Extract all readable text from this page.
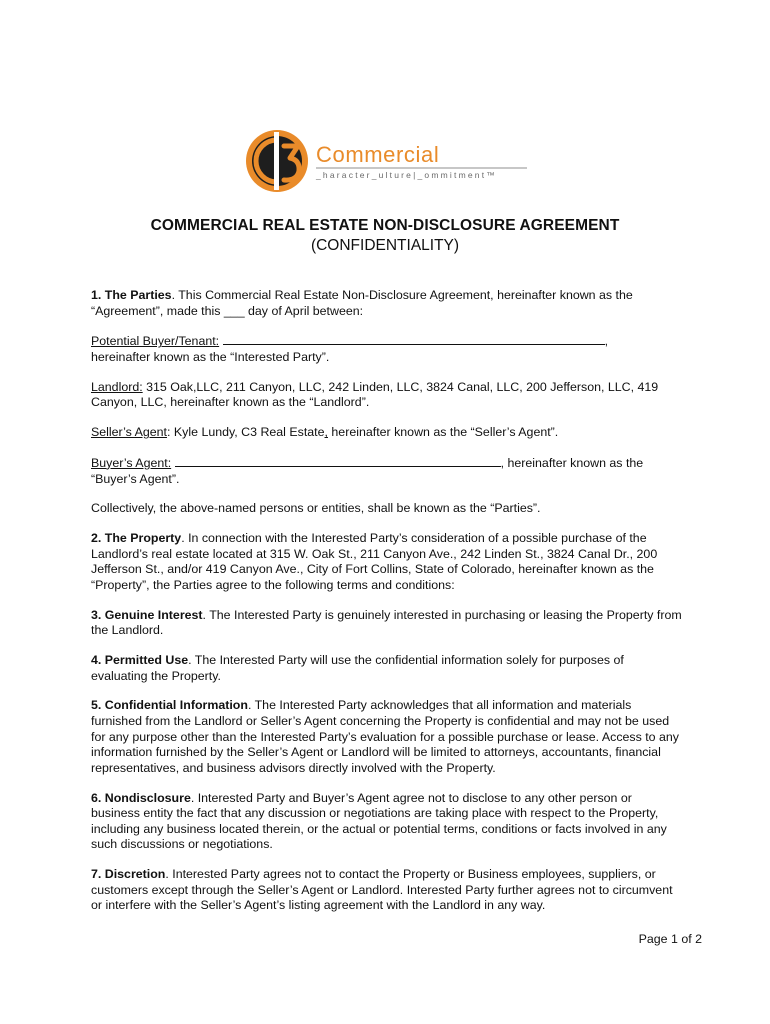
Commercial
_haracter_ulture|_ommitment™

COMMERCIAL REAL ESTATE NON-DISCLOSURE AGREEMENT

(CONFIDENTIALITY)

1. The Parties. This Commercial Real Estate Non-Disclosure Agreement, hereinafter known as the “Agreement”, made this ___ day of April between:

Potential Buyer/Tenant:	,
hereinafter known as the “Interested Party”.

Landlord: 315 Oak,LLC, 211 Canyon, LLC, 242 Linden, LLC, 3824 Canal, LLC, 200 Jefferson, LLC, 419 Canyon, LLC, hereinafter known as the “Landlord”.

Seller’s Agent: Kyle Lundy, C3 Real Estate, hereinafter known as the “Seller’s Agent”.

Buyer’s Agent:	, hereinafter known as the “Buyer’s Agent”.

Collectively, the above-named persons or entities, shall be known as the “Parties”.

2. The Property. In connection with the Interested Party’s consideration of a possible purchase of the Landlord’s real estate located at 315 W. Oak St., 211 Canyon Ave., 242 Linden St., 3824 Canal Dr., 200 Jefferson St., and/or 419 Canyon Ave., City of Fort Collins, State of Colorado, hereinafter known as the “Property”, the Parties agree to the following terms and conditions:

3. Genuine Interest. The Interested Party is genuinely interested in purchasing or leasing the Property from the Landlord.

4. Permitted Use. The Interested Party will use the confidential information solely for purposes of evaluating the Property.

5. Confidential Information. The Interested Party acknowledges that all information and materials furnished from the Landlord or Seller’s Agent concerning the Property is confidential and may not be used for any purpose other than the Interested Party’s evaluation for a possible purchase or lease. Access to any information furnished by the Seller’s Agent or Landlord will be limited to attorneys, accountants, financial representatives, and business advisors directly involved with the Property.

6. Nondisclosure. Interested Party and Buyer’s Agent agree not to disclose to any other person or business entity the fact that any discussion or negotiations are taking place with respect to the Property, including any business located therein, or the actual or potential terms, conditions or facts involved in any such discussions or negotiations.

7. Discretion. Interested Party agrees not to contact the Property or Business employees, suppliers, or customers except through the Seller’s Agent or Landlord. Interested Party further agrees not to circumvent or interfere with the Seller’s Agent’s listing agreement with the Landlord in any way.

Page 1 of 2
